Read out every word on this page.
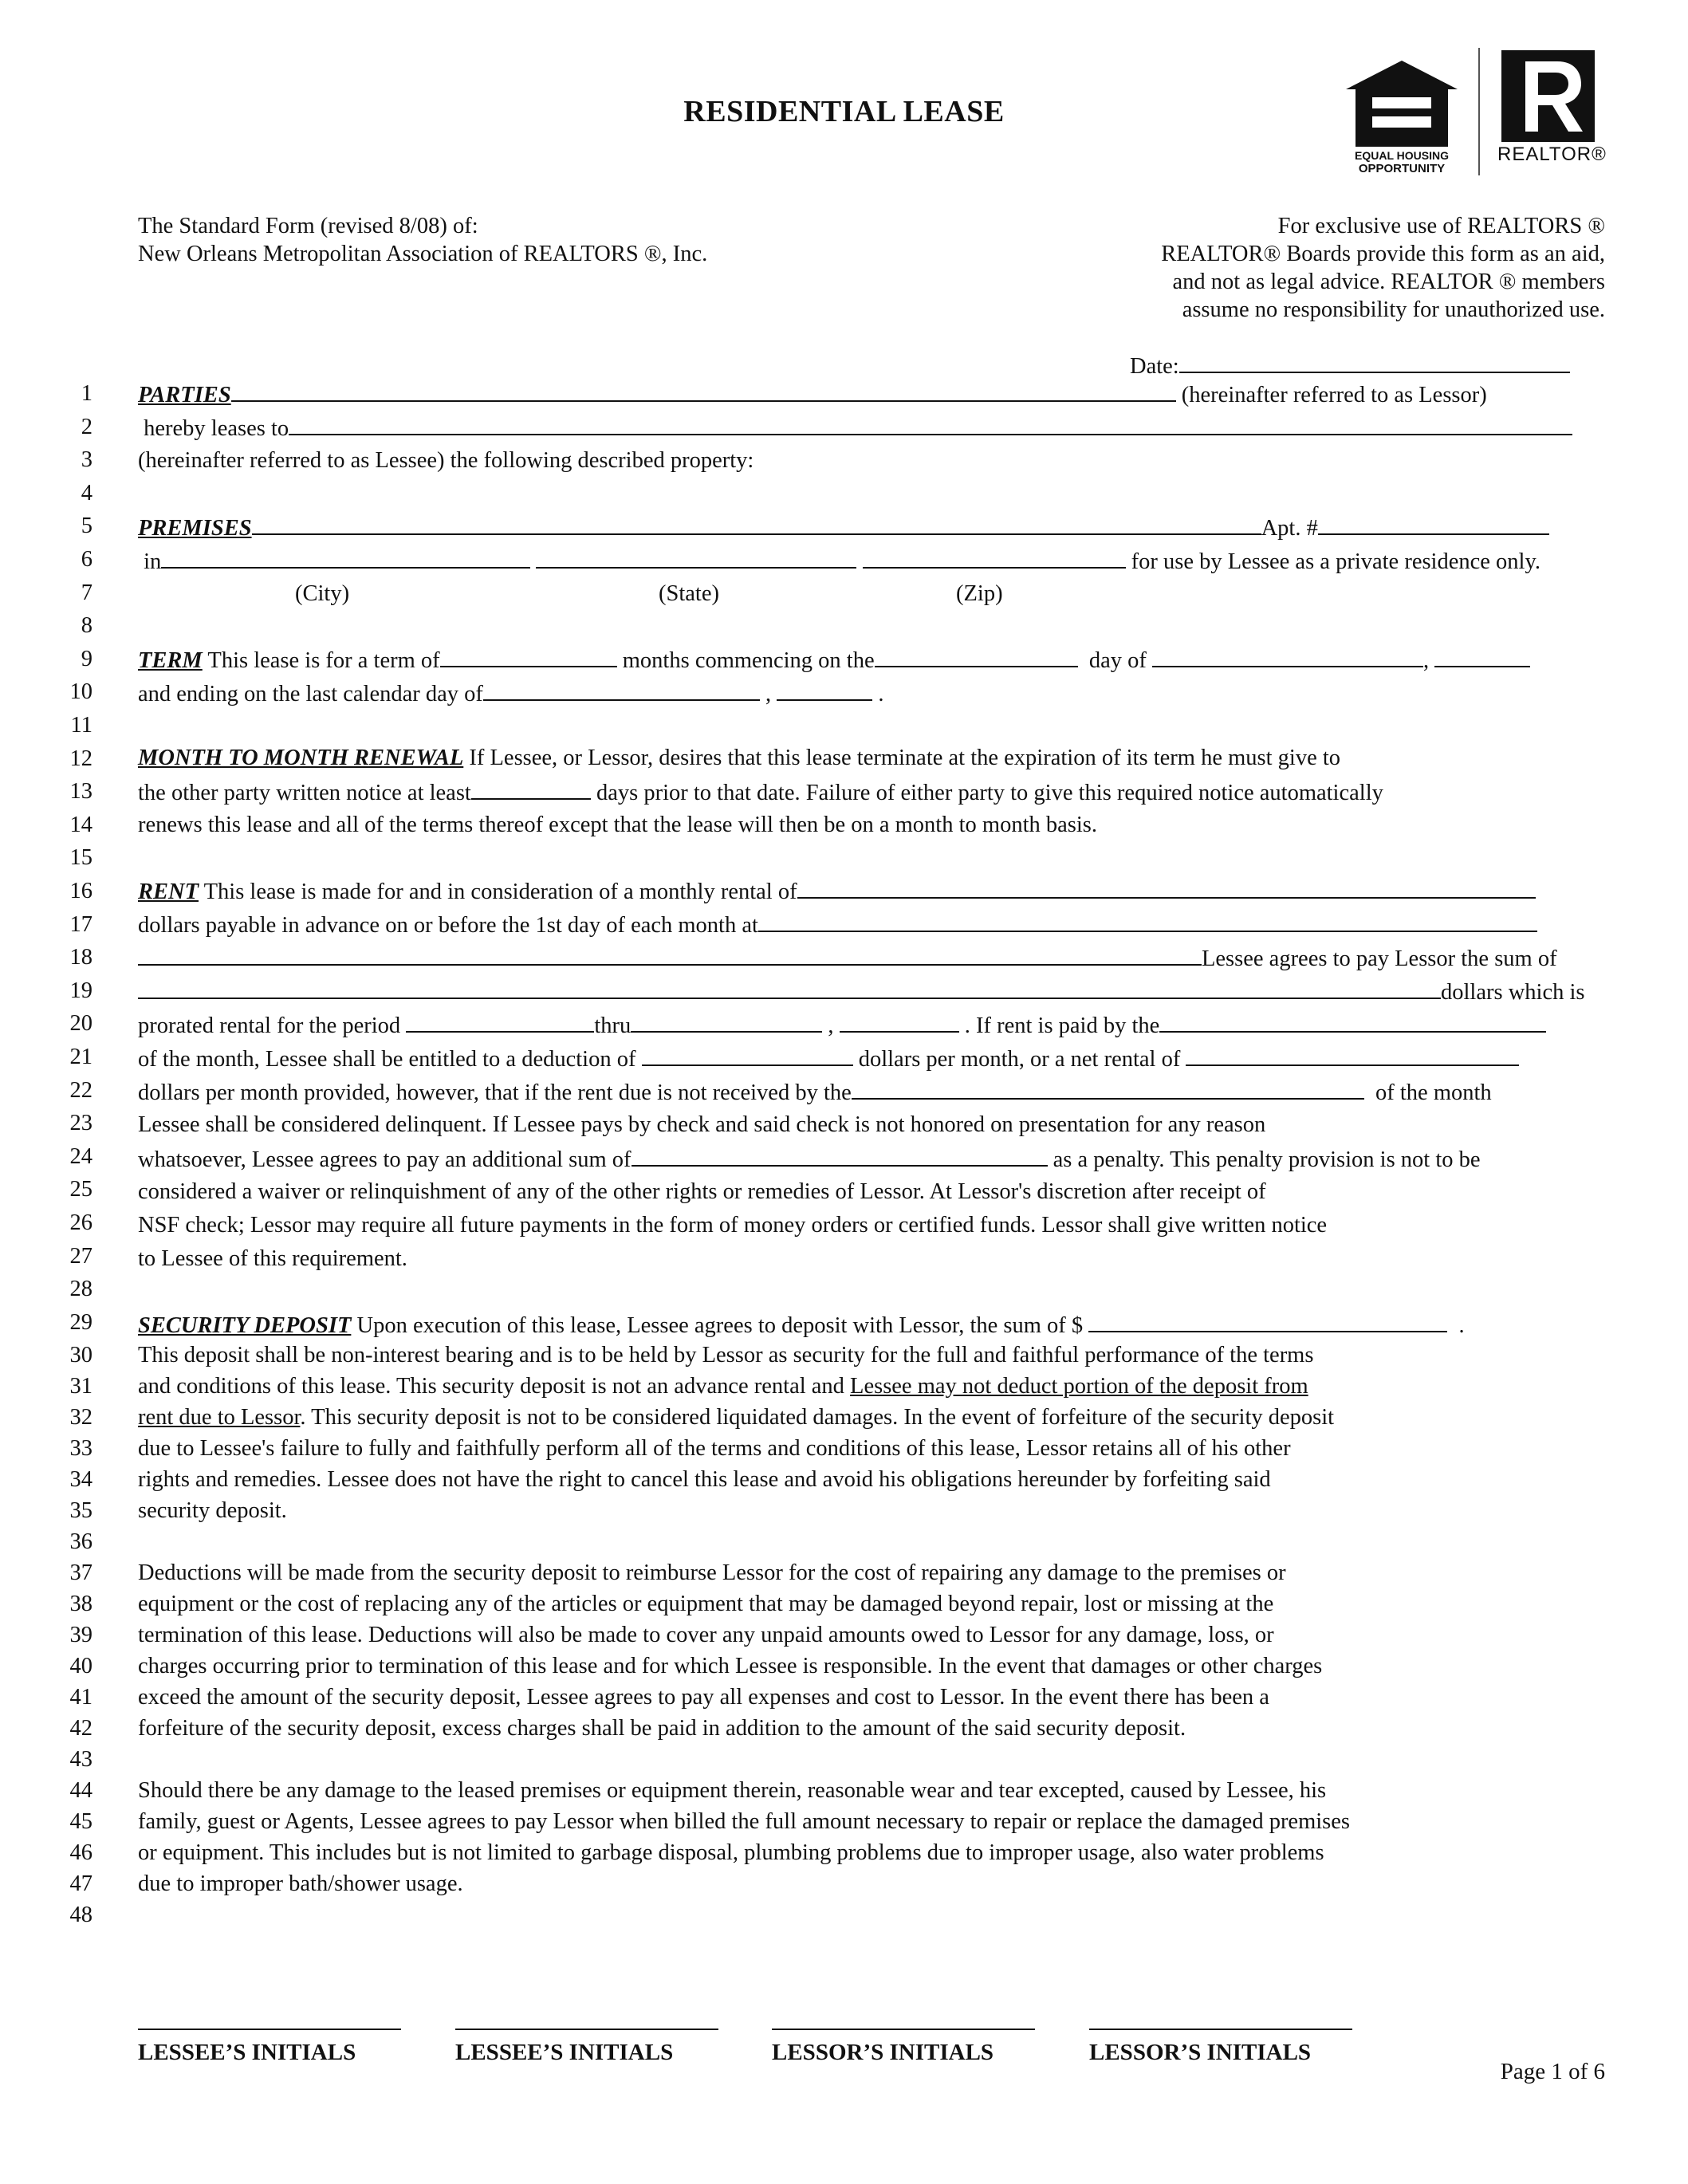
EQUAL HOUSING
OPPORTUNITY
REALTOR®
RESIDENTIAL LEASE
The Standard Form (revised 8/08) of:
New Orleans Metropolitan Association of REALTORS ®, Inc.
For exclusive use of REALTORS ®
REALTOR® Boards provide this form as an aid,
and not as legal advice. REALTOR ® members
assume no responsibility for unauthorized use.
Date:
1
2
3
4
5
6
7
8
9
10
11
12
13
14
15
16
17
18
19
20
21
22
23
24
25
26
27
28
29
30
31
32
33
34
35
36
37
38
39
40
41
42
43
44
45
46
47
48
PARTIES	(hereinafter referred to as Lessor)
hereby leases to
(hereinafter referred to as Lessee) the following described property:
PREMISES	Apt. #
in	for use by Lessee as a private residence only.
(City)	(State)	(Zip)
TERM This lease is for a term of	months commencing on the	day of	,
and ending on the last calendar day of	,	.
MONTH TO MONTH RENEWAL If Lessee, or Lessor, desires that this lease terminate at the expiration of its term he must give to
the other party written notice at least	days prior to that date. Failure of either party to give this required notice automatically
renews this lease and all of the terms thereof except that the lease will then be on a month to month basis.
RENT This lease is made for and in consideration of a monthly rental of
dollars payable in advance on or before the 1st day of each month at
Lessee agrees to pay Lessor the sum of
dollars which is
prorated rental for the period	thru	,	. If rent is paid by the
of the month, Lessee shall be entitled to a deduction of	dollars per month, or a net rental of
dollars per month provided, however, that if the rent due is not received by the	of the month
Lessee shall be considered delinquent. If Lessee pays by check and said check is not honored on presentation for any reason
whatsoever, Lessee agrees to pay an additional sum of	as a penalty. This penalty provision is not to be
considered a waiver or relinquishment of any of the other rights or remedies of Lessor. At Lessor's discretion after receipt of
NSF check; Lessor may require all future payments in the form of money orders or certified funds. Lessor shall give written notice
to Lessee of this requirement.
SECURITY DEPOSIT Upon execution of this lease, Lessee agrees to deposit with Lessor, the sum of $	.
This deposit shall be non-interest bearing and is to be held by Lessor as security for the full and faithful performance of the terms
and conditions of this lease. This security deposit is not an advance rental and Lessee may not deduct portion of the deposit from
rent due to Lessor. This security deposit is not to be considered liquidated damages. In the event of forfeiture of the security deposit
due to Lessee's failure to fully and faithfully perform all of the terms and conditions of this lease, Lessor retains all of his other
rights and remedies. Lessee does not have the right to cancel this lease and avoid his obligations hereunder by forfeiting said
security deposit.
Deductions will be made from the security deposit to reimburse Lessor for the cost of repairing any damage to the premises or
equipment or the cost of replacing any of the articles or equipment that may be damaged beyond repair, lost or missing at the
termination of this lease. Deductions will also be made to cover any unpaid amounts owed to Lessor for any damage, loss, or
charges occurring prior to termination of this lease and for which Lessee is responsible. In the event that damages or other charges
exceed the amount of the security deposit, Lessee agrees to pay all expenses and cost to Lessor. In the event there has been a
forfeiture of the security deposit, excess charges shall be paid in addition to the amount of the said security deposit.
Should there be any damage to the leased premises or equipment therein, reasonable wear and tear excepted, caused by Lessee, his
family, guest or Agents, Lessee agrees to pay Lessor when billed the full amount necessary to repair or replace the damaged premises
or equipment. This includes but is not limited to garbage disposal, plumbing problems due to improper usage, also water problems
due to improper bath/shower usage.
LESSEE’S INITIALS	LESSEE’S INITIALS	LESSOR’S INITIALS	LESSOR’S INITIALS
Page 1 of 6
